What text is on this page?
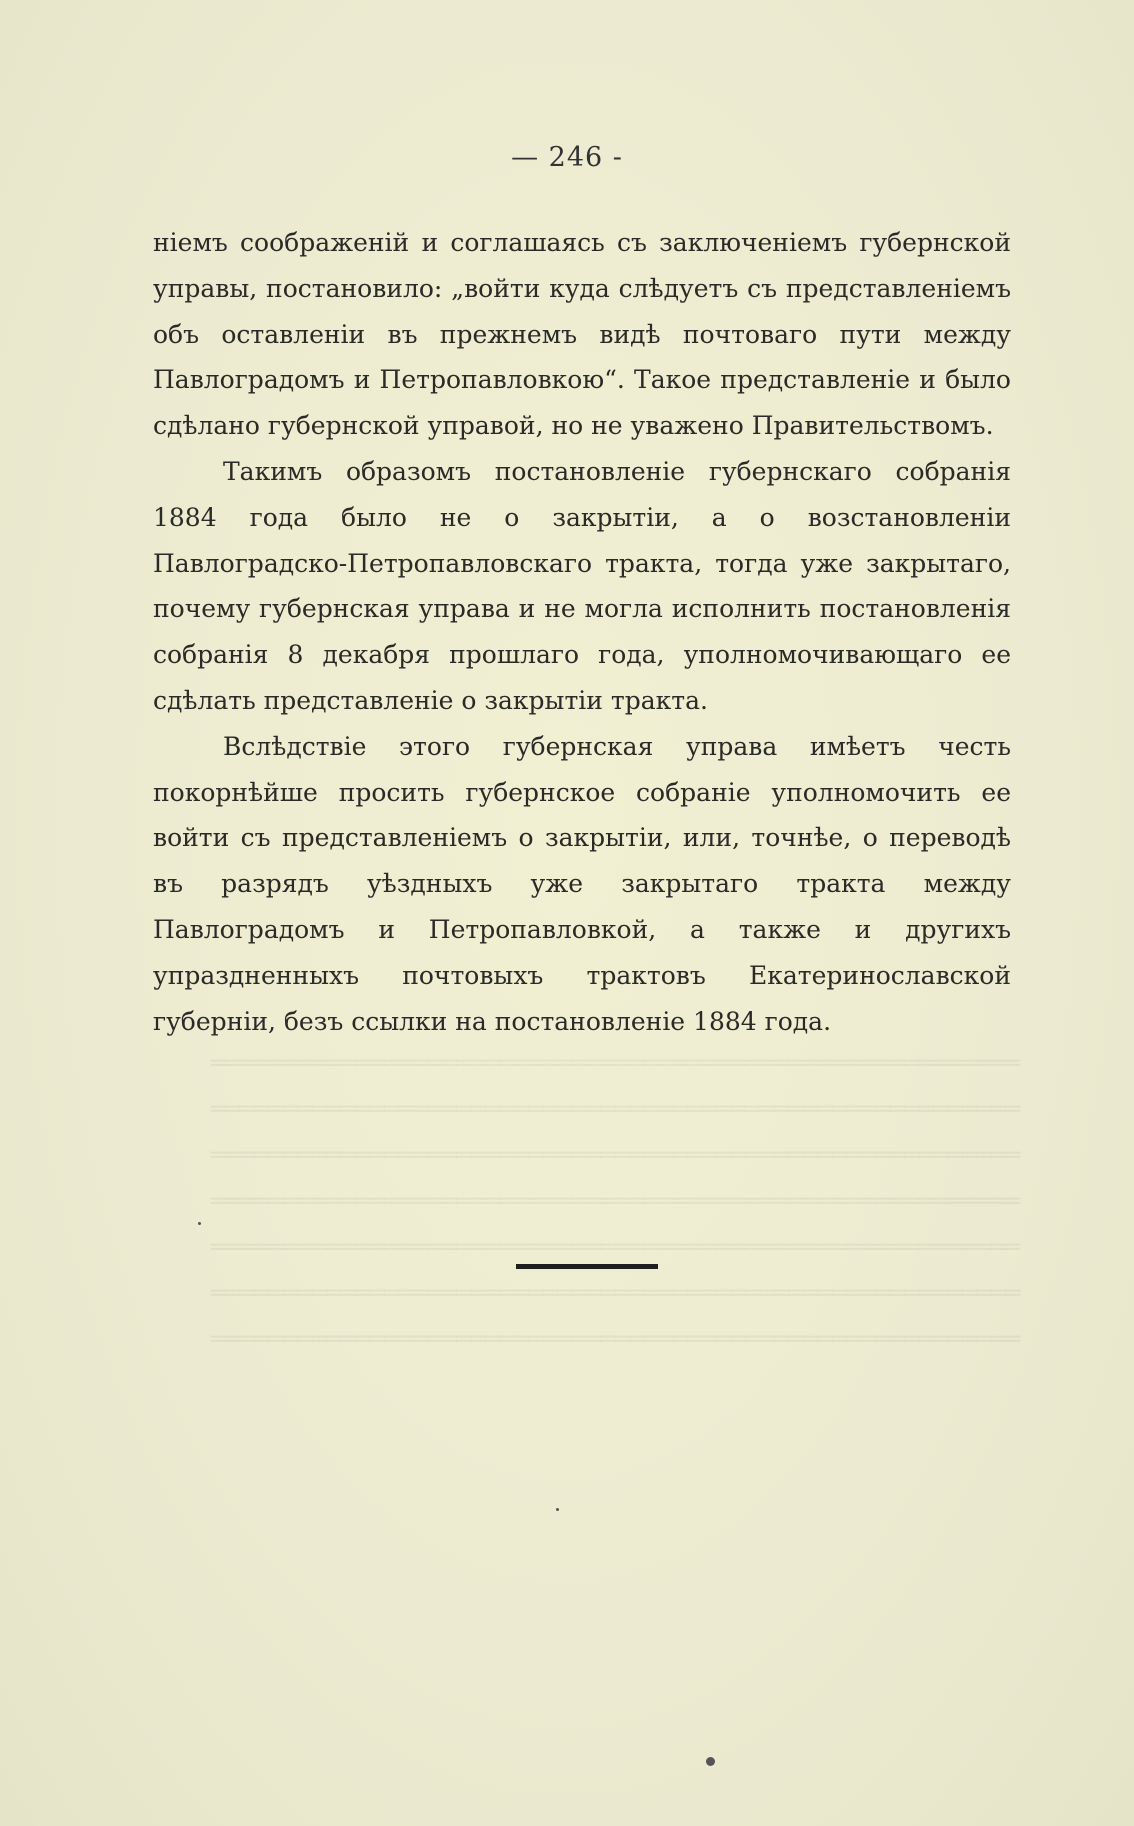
════════════════════════════════════════════════════════
════════════════════════════════════════════════════════
════════════════════════════════════════════════════════
════════════════════════════════════════════════════════
════════════════════════════════════════════════════════
════════════════════════════════════════════════════════
════════════════════════════════════════════════════════
— 246 -

ніемъ соображеній и соглашаясь съ заключеніемъ губернской управы, постановило: „войти куда слѣдуетъ съ представленіемъ объ оставленіи въ прежнемъ видѣ почтоваго пути между Павлоградомъ и Петропавловкою“. Такое представленіе и было сдѣлано губернской управой, но не уважено Правительствомъ.

Такимъ образомъ постановленіе губернскаго собранія 1884 года было не о закрытіи, а о возстановленіи Павлоградско-Петропавловскаго тракта, тогда уже закрытаго, почему губернская управа и не могла исполнить постановленія собранія 8 декабря прошлаго года, уполномочивающаго ее сдѣлать представленіе о закрытіи тракта.

Вслѣдствіе этого губернская управа имѣетъ честь покорнѣйше просить губернское собраніе уполномочить ее войти съ представленіемъ о закрытіи, или, точнѣе, о переводѣ въ разрядъ уѣздныхъ уже закрытаго тракта между Павлоградомъ и Петропавловкой, а также и другихъ упраздненныхъ почтовыхъ трактовъ Екатеринославской губерніи, безъ ссылки на постановленіе 1884 года.
